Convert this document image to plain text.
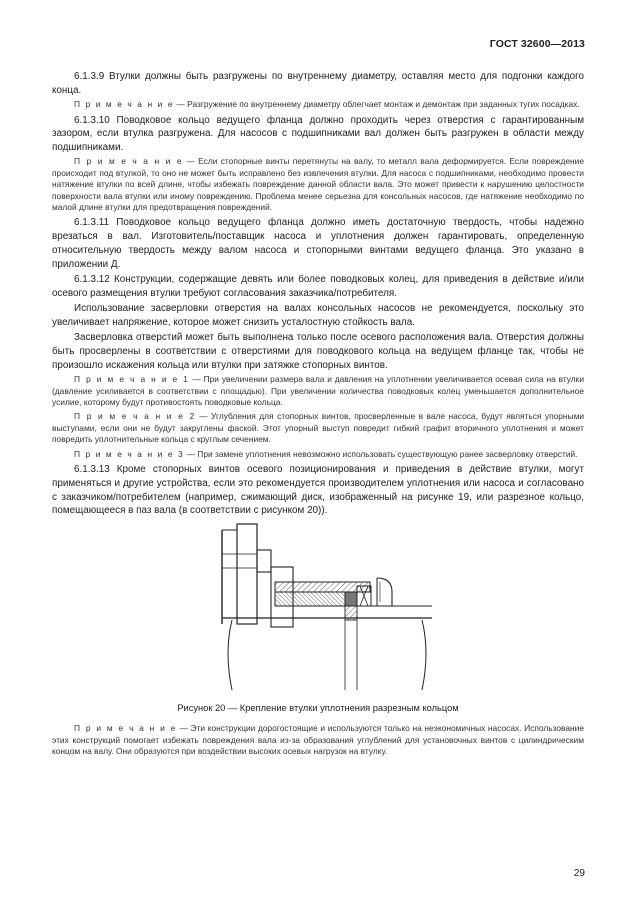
ГОСТ 32600—2013

6.1.3.9 Втулки должны быть разгружены по внутреннему диаметру, оставляя место для подгонки каждого конца.

П р и м е ч а н и е — Разгружение по внутреннему диаметру облегчает монтаж и демонтаж при заданных тугих посадках.

6.1.3.10 Поводковое кольцо ведущего фланца должно проходить через отверстия с гарантированным зазором, если втулка разгружена. Для насосов с подшипниками вал должен быть разгружен в области между подшипниками.

П р и м е ч а н и е — Если стопорные винты перетянуты на валу, то металл вала деформируется. Если повреждение происходит под втулкой, то оно не может быть исправлено без извлечения втулки. Для насоса с подшипниками, необходимо провести натяжение втулки по всей длине, чтобы избежать повреждение данной области вала. Это может привести к нарушению целостности поверхности вала втулки или иному повреждению. Проблема менее серьезна для консольных насосов, где натяжение необходимо по малой длине втулки для предотвращения повреждений.

6.1.3.11 Поводковое кольцо ведущего фланца должно иметь достаточную твердость, чтобы надежно врезаться в вал. Изготовитель/поставщик насоса и уплотнения должен гарантировать, определенную относительную твердость между валом насоса и стопорными винтами ведущего фланца. Это указано в приложении Д.

6.1.3.12 Конструкции, содержащие девять или более поводковых колец, для приведения в действие и/или осевого размещения втулки требуют согласования заказчика/потребителя.

Использование засверловки отверстия на валах консольных насосов не рекомендуется, поскольку это увеличивает напряжение, которое может снизить усталостную стойкость вала.

Засверловка отверстий может быть выполнена только после осевого расположения вала. Отверстия должны быть просверлены в соответствии с отверстиями для поводкового кольца на ведущем фланце так, чтобы не произошло искажения кольца или втулки при затяжке стопорных винтов.

П р и м е ч а н и е 1 — При увеличении размера вала и давления на уплотнении увеличивается осевая сила на втулки (давление усиливается в соответствии с площадью). При увеличении количества поводковых колец уменьшается дополнительное усилие, которому будут противостоять поводковые кольца.

П р и м е ч а н и е 2 — Углубления для стопорных винтов, просверленные в вале насоса, будут являться упорными выступами, если они не будут закруглены фаской. Этот упорный выступ повредит гибкий графит вторичного уплотнения и может повредить уплотнительные кольца с круглым сечением.

П р и м е ч а н и е 3 — При замене уплотнения невозможно использовать существующую ранее засверловку отверстий.

6.1.3.13 Кроме стопорных винтов осевого позиционирования и приведения в действие втулки, могут применяться и другие устройства, если это рекомендуется производителем уплотнения или насоса и согласовано с заказчиком/потребителем (например, сжимающий диск, изображенный на рисунке 19, или разрезное кольцо, помещающееся в паз вала (в соответствии с рисунком 20)).

Рисунок 20 — Крепление втулки уплотнения разрезным кольцом

П р и м е ч а н и е — Эти конструкции дорогостоящие и используются только на неэкономичных насосах. Использование этих конструкций помогает избежать повреждения вала из-за образования углублений для установочных винтов с цилиндрическим концом на валу. Они образуются при воздействии высоких осевых нагрузок на втулку.

29
